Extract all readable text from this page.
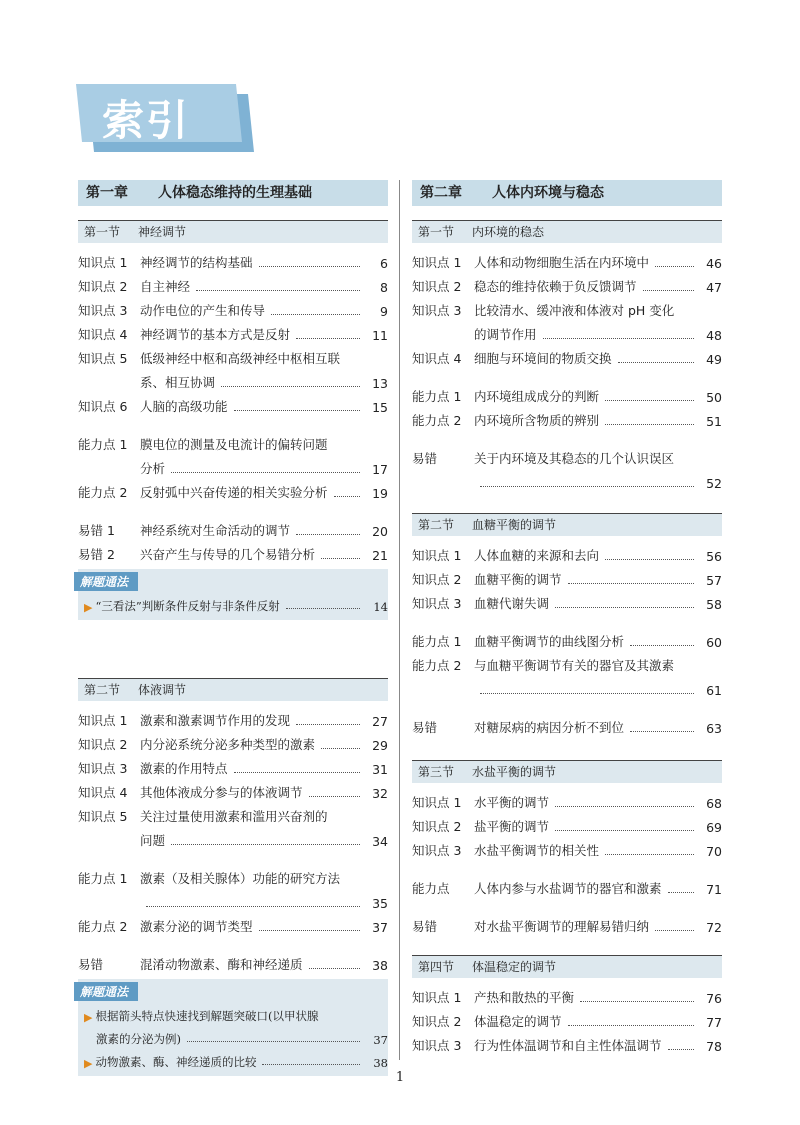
索引
第一章 人体稳态维持的生理基础
第一节 神经调节
知识点 1	神经调节的结构基础	6
知识点 2	自主神经	8
知识点 3	动作电位的产生和传导	9
知识点 4	神经调节的基本方式是反射	11
知识点 5	低级神经中枢和高级神经中枢相互联
系、相互协调	13
知识点 6	人脑的高级功能	15
能力点 1	膜电位的测量及电流计的偏转问题
分析	17
能力点 2	反射弧中兴奋传递的相关实验分析	19
易错 1	神经系统对生命活动的调节	20
易错 2	兴奋产生与传导的几个易错分析	21
解题通法
▶ “三看法”判断条件反射与非条件反射	14
第二节 体液调节
知识点 1	激素和激素调节作用的发现	27
知识点 2	内分泌系统分泌多种类型的激素	29
知识点 3	激素的作用特点	31
知识点 4	其他体液成分参与的体液调节	32
知识点 5	关注过量使用激素和滥用兴奋剂的
问题	34
能力点 1	激素（及相关腺体）功能的研究方法
35
能力点 2	激素分泌的调节类型	37
易错	混淆动物激素、酶和神经递质	38
解题通法
▶ 根据箭头特点快速找到解题突破口(以甲状腺
激素的分泌为例)	37
▶ 动物激素、酶、神经递质的比较	38
第二章 人体内环境与稳态
第一节 内环境的稳态
知识点 1	人体和动物细胞生活在内环境中	46
知识点 2	稳态的维持依赖于负反馈调节	47
知识点 3	比较清水、缓冲液和体液对 pH 变化
的调节作用	48
知识点 4	细胞与环境间的物质交换	49
能力点 1	内环境组成成分的判断	50
能力点 2	内环境所含物质的辨别	51
易错	关于内环境及其稳态的几个认识误区
52
第二节 血糖平衡的调节
知识点 1	人体血糖的来源和去向	56
知识点 2	血糖平衡的调节	57
知识点 3	血糖代谢失调	58
能力点 1	血糖平衡调节的曲线图分析	60
能力点 2	与血糖平衡调节有关的器官及其激素
61
易错	对糖尿病的病因分析不到位	63
第三节 水盐平衡的调节
知识点 1	水平衡的调节	68
知识点 2	盐平衡的调节	69
知识点 3	水盐平衡调节的相关性	70
能力点	人体内参与水盐调节的器官和激素	71
易错	对水盐平衡调节的理解易错归纳	72
第四节 体温稳定的调节
知识点 1	产热和散热的平衡	76
知识点 2	体温稳定的调节	77
知识点 3	行为性体温调节和自主性体温调节	78
1
